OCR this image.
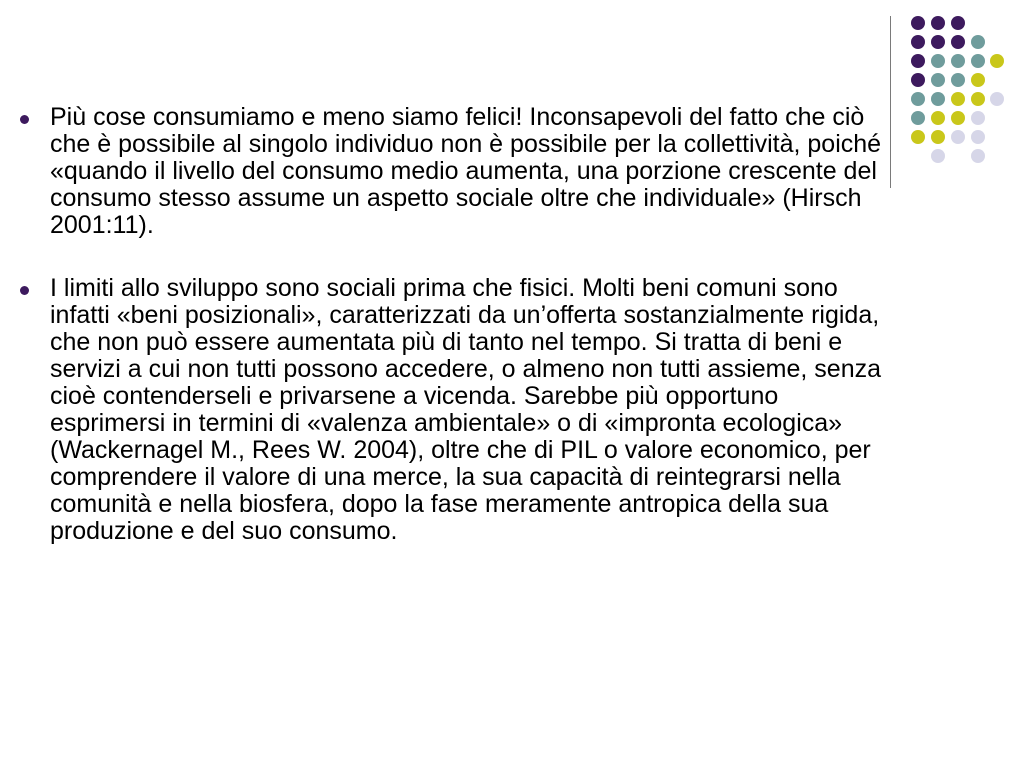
Più cose consumiamo e meno siamo felici! Inconsapevoli del fatto che ciò che è possibile al singolo individuo non è possibile per la collettività, poiché «quando il livello del consumo medio aumenta, una porzione crescente del consumo stesso assume un aspetto sociale oltre che individuale» (Hirsch 2001:11).

I limiti allo sviluppo sono sociali prima che fisici. Molti beni comuni sono infatti «beni posizionali», caratterizzati da un’offerta sostanzialmente rigida, che non può essere aumentata più di tanto nel tempo. Si tratta di beni e servizi a cui non tutti possono accedere, o almeno non tutti assieme, senza cioè contenderseli e privarsene a vicenda. Sarebbe più opportuno esprimersi in termini di «valenza ambientale» o di «impronta ecologica» (Wackernagel M., Rees W. 2004), oltre che di PIL o valore economico, per comprendere il valore di una merce, la sua capacità di reintegrarsi nella comunità e nella biosfera, dopo la fase meramente antropica della sua produzione e del suo consumo.
